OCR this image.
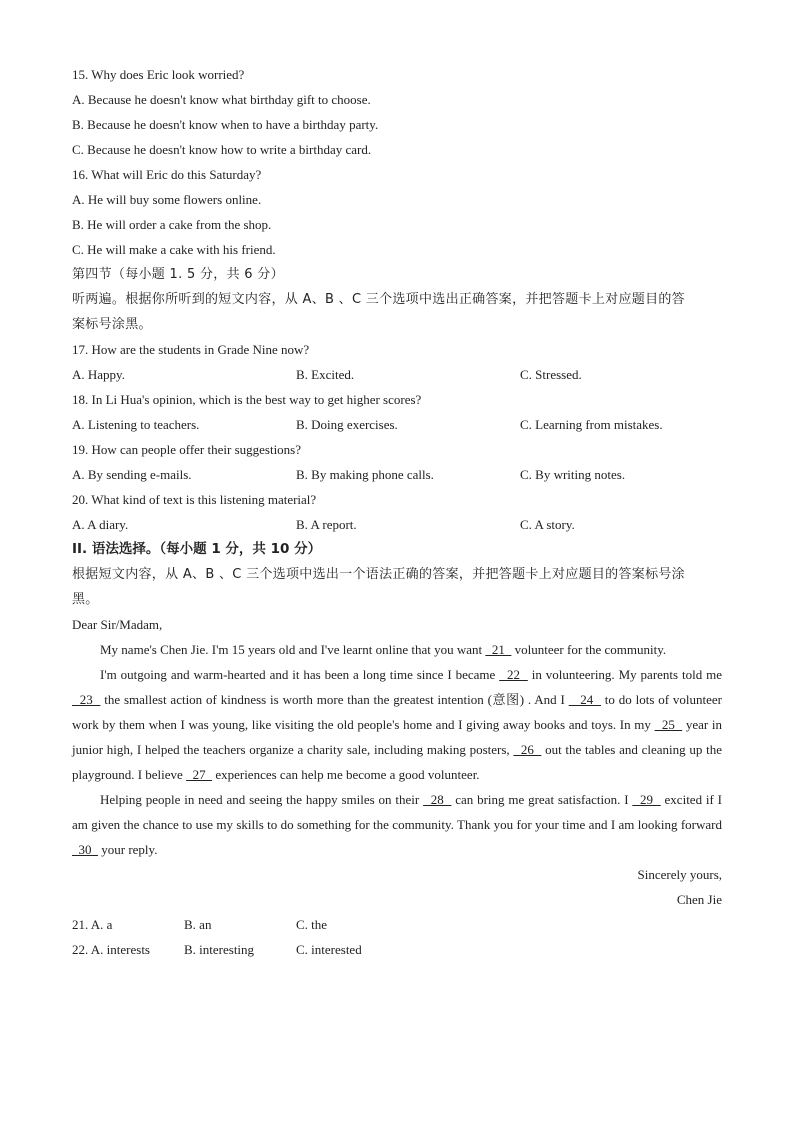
15. Why does Eric look worried?
A. Because he doesn't know what birthday gift to choose.
B. Because he doesn't know when to have a birthday party.
C. Because he doesn't know how to write a birthday card.
16. What will Eric do this Saturday?
A. He will buy some flowers online.
B. He will order a cake from the shop.
C. He will make a cake with his friend.
第四节（每小题 1. 5 分，共 6 分）
听两遍。根据你所听到的短文内容，从 A、B 、C 三个选项中选出正确答案，并把答题卡上对应题目的答
案标号涂黑。
17. How are the students in Grade Nine now?
A. Happy.	B. Excited.	C. Stressed.
18. In Li Hua's opinion, which is the best way to get higher scores?
A. Listening to teachers.	B. Doing exercises.	C. Learning from mistakes.
19. How can people offer their suggestions?
A. By sending e-mails.	B. By making phone calls.	C. By writing notes.
20. What kind of text is this listening material?
A. A diary.	B. A report.	C. A story.
II. 语法选择。（每小题 1 分，共 10 分）
根据短文内容，从 A、B 、C 三个选项中选出一个语法正确的答案，并把答题卡上对应题目的答案标号涂
黑。
Dear Sir/Madam,
My name's Chen Jie. I'm 15 years old and I've learnt online that you want   21   volunteer for the community.
I'm outgoing and warm-hearted and it has been a long time since I became   22   in volunteering. My parents told me   23   the smallest action of kindness is worth more than the greatest intention (意图) . And I    24   to do lots of volunteer work by them when I was young, like visiting the old people's home and I giving away books and toys. In my   25   year in junior high, I helped the teachers organize a charity sale, including making posters,   26   out the tables and cleaning up the playground. I believe   27   experiences can help me become a good volunteer.
Helping people in need and seeing the happy smiles on their   28   can bring me great satisfaction. I   29   excited if I am given the chance to use my skills to do something for the community. Thank you for your time and I am looking forward   30   your reply.
Sincerely yours,
Chen Jie
21. A. a	B. an	C. the
22. A. interests	B. interesting	C. interested
